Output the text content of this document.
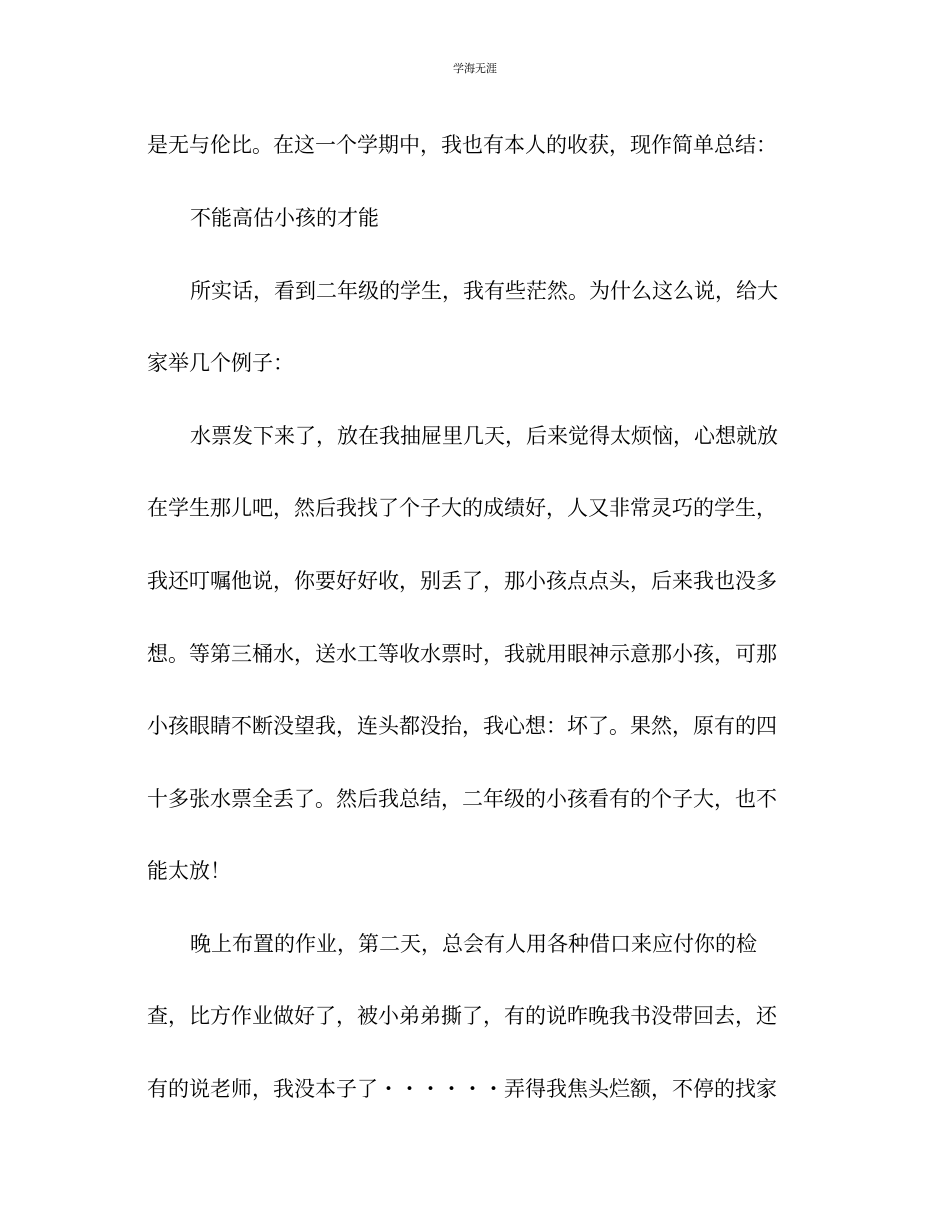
学海无涯
是无与伦比。在这一个学期中，我也有本人的收获，现作简单总结：
不能高估小孩的才能
所实话，看到二年级的学生，我有些茫然。为什么这么说，给大
家举几个例子：
水票发下来了，放在我抽屉里几天，后来觉得太烦恼，心想就放
在学生那儿吧，然后我找了个子大的成绩好，人又非常灵巧的学生，
我还叮嘱他说，你要好好收，别丢了，那小孩点点头，后来我也没多
想。等第三桶水，送水工等收水票时，我就用眼神示意那小孩，可那
小孩眼睛不断没望我，连头都没抬，我心想：坏了。果然，原有的四
十多张水票全丢了。然后我总结，二年级的小孩看有的个子大，也不
能太放！
晚上布置的作业，第二天，总会有人用各种借口来应付你的检
查，比方作业做好了，被小弟弟撕了，有的说昨晚我书没带回去，还
有的说老师，我没本子了・・・・・・弄得我焦头烂额，不停的找家
